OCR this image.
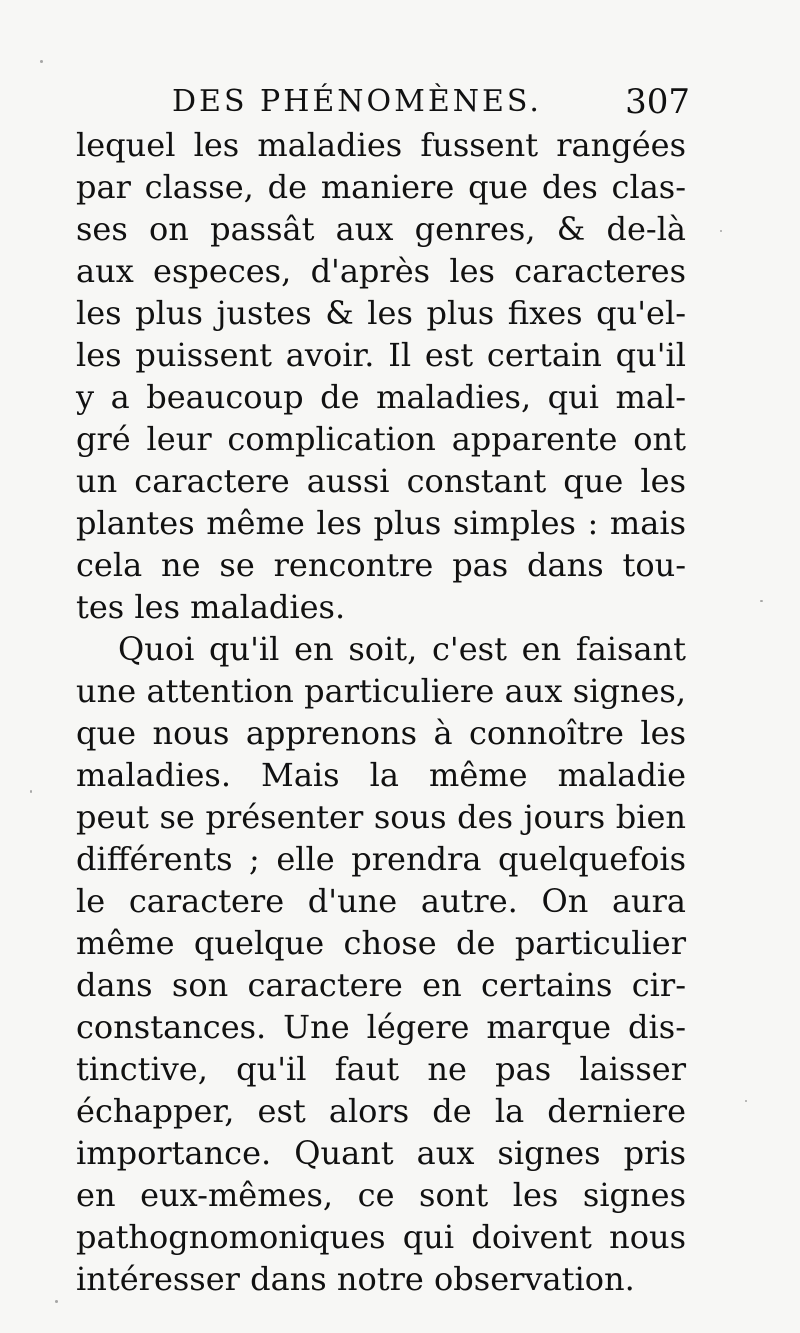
DES PHÉNOMÈNES. 307
lequel les maladies fussent rangées
par classe, de maniere que des clas-
ses on passât aux genres, & de-là
aux especes, d'après les caracteres
les plus justes & les plus fixes qu'el-
les puissent avoir. Il est certain qu'il
y a beaucoup de maladies, qui mal-
gré leur complication apparente ont
un caractere aussi constant que les
plantes même les plus simples : mais
cela ne se rencontre pas dans tou-
tes les maladies.
Quoi qu'il en soit, c'est en faisant
une attention particuliere aux signes,
que nous apprenons à connoître les
maladies. Mais la même maladie
peut se présenter sous des jours bien
différents ; elle prendra quelquefois
le caractere d'une autre. On aura
même quelque chose de particulier
dans son caractere en certains cir-
constances. Une légere marque dis-
tinctive, qu'il faut ne pas laisser
échapper, est alors de la derniere
importance. Quant aux signes pris
en eux-mêmes, ce sont les signes
pathognomoniques qui doivent nous
intéresser dans notre observation.
